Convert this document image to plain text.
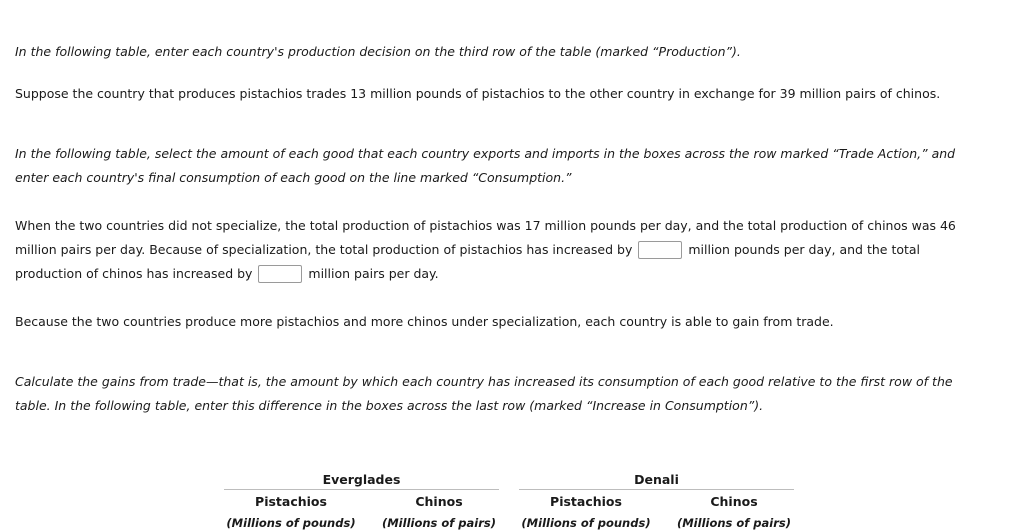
In the following table, enter each country's production decision on the third row of the table (marked “Production”).

Suppose the country that produces pistachios trades 13 million pounds of pistachios to the other country in exchange for 39 million pairs of chinos.

In the following table, select the amount of each good that each country exports and imports in the boxes across the row marked “Trade Action,” and enter each country's final consumption of each good on the line marked “Consumption.”

When the two countries did not specialize, the total production of pistachios was 17 million pounds per day, and the total production of chinos was 46 million pairs per day. Because of specialization, the total production of pistachios has increased by	million pounds per day, and the total production of chinos has increased by	million pairs per day.

Because the two countries produce more pistachios and more chinos under specialization, each country is able to gain from trade.

Calculate the gains from trade—that is, the amount by which each country has increased its consumption of each good relative to the first row of the table. In the following table, enter this difference in the boxes across the last row (marked “Increase in Consumption”).

Everglades
Pistachios	Chinos
(Millions of pounds)	(Millions of pairs)
Denali
Pistachios	Chinos
(Millions of pounds)	(Millions of pairs)
